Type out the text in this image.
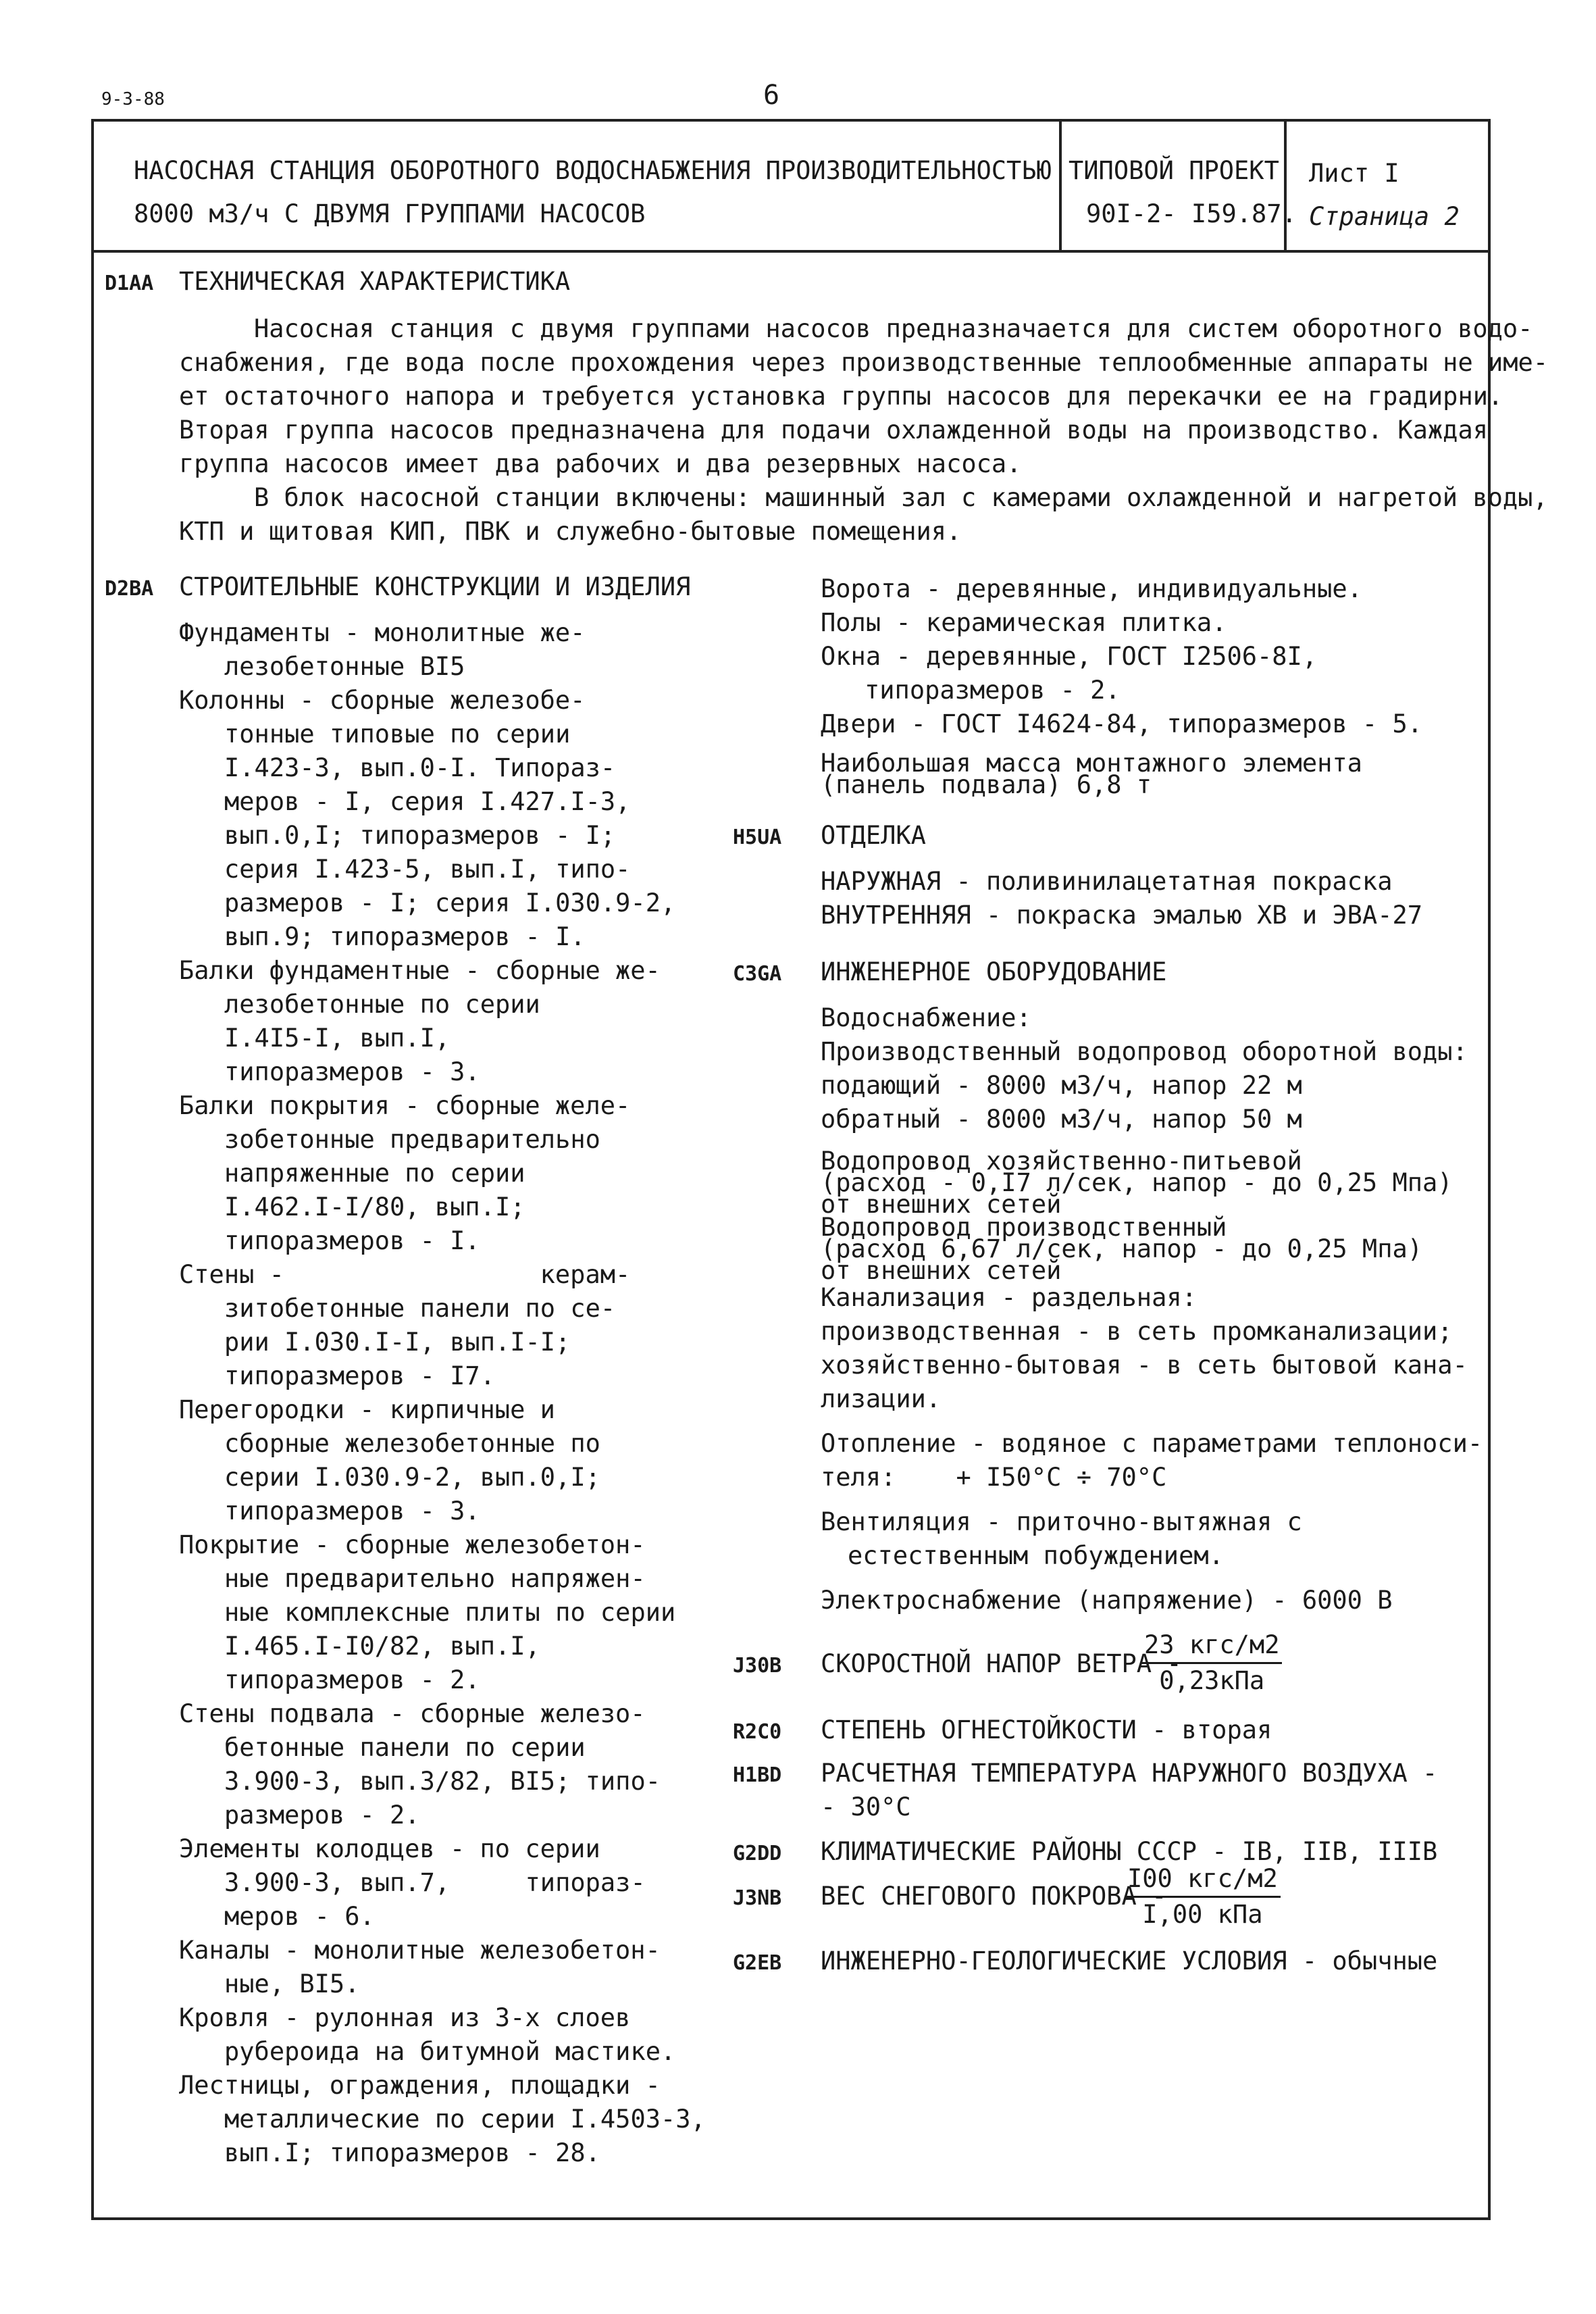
9-3-88	6
НАСОСНАЯ СТАНЦИЯ ОБОРОТНОГО ВОДОСНАБЖЕНИЯ ПРОИЗВОДИТЕЛЬНОСТЬЮ
8000 м3/ч С ДВУМЯ ГРУППАМИ НАСОСОВ
ТИПОВОЙ ПРОЕКТ
90I-2- I59.87.
Лист I
Страница 2
D1AA ТЕХНИЧЕСКАЯ ХАРАКТЕРИСТИКА
Насосная станция с двумя группами насосов предназначается для систем оборотного водо-
снабжения, где вода после прохождения через производственные теплообменные аппараты не име-
ет остаточного напора и требуется установка группы насосов для перекачки ее на градирни.
Вторая группа насосов предназначена для подачи охлажденной воды на производство. Каждая
группа насосов имеет два рабочих и два резервных насоса.
В блок насосной станции включены: машинный зал с камерами охлажденной и нагретой воды,
КТП и щитовая КИП, ПВК и служебно-бытовые помещения.
D2BA СТРОИТЕЛЬНЫЕ КОНСТРУКЦИИ И ИЗДЕЛИЯ
Фундаменты - монолитные же-
лезобетонные BI5
Колонны - сборные железобе-
тонные типовые по серии
I.423-3, вып.0-I. Типораз-
меров - I, серия I.427.I-3,
вып.0,I; типоразмеров - I;
серия I.423-5, вып.I, типо-
размеров - I; серия I.030.9-2,
вып.9; типоразмеров - I.
Балки фундаментные - сборные же-
лезобетонные по серии
I.4I5-I, вып.I,
типоразмеров - 3.
Балки покрытия - сборные желе-
зобетонные предварительно
напряженные по серии
I.462.I-I/80, вып.I;
типоразмеров - I.
Стены -                 керам-
зитобетонные панели по се-
рии I.030.I-I, вып.I-I;
типоразмеров - I7.
Перегородки - кирпичные и
сборные железобетонные по
серии I.030.9-2, вып.0,I;
типоразмеров - 3.
Покрытие - сборные железобетон-
ные предварительно напряжен-
ные комплексные плиты по серии
I.465.I-I0/82, вып.I,
типоразмеров - 2.
Стены подвала - сборные железо-
бетонные панели по серии
3.900-3, вып.3/82, BI5; типо-
размеров - 2.
Элементы колодцев - по серии
3.900-3, вып.7,     типораз-
меров - 6.
Каналы - монолитные железобетон-
ные, BI5.
Кровля - рулонная из 3-х слоев
рубероида на битумной мастике.
Лестницы, ограждения, площадки -
металлические по серии I.4503-3,
вып.I; типоразмеров - 28.
Ворота - деревянные, индивидуальные.
Полы - керамическая плитка.
Окна - деревянные, ГОСТ I2506-8I,
типоразмеров - 2.
Двери - ГОСТ I4624-84, типоразмеров - 5.
Наибольшая масса монтажного элемента
(панель подвала) 6,8 т
H5UA ОТДЕЛКА
НАРУЖНАЯ - поливинилацетатная покраска
ВНУТРЕННЯЯ - покраска эмалью ХВ и ЭВА-27
C3GA ИНЖЕНЕРНОЕ ОБОРУДОВАНИЕ
Водоснабжение:
Производственный водопровод оборотной воды:
подающий - 8000 м3/ч, напор 22 м
обратный - 8000 м3/ч, напор 50 м
Водопровод хозяйственно-питьевой
(расход - 0,I7 л/сек, напор - до 0,25 Мпа)
от внешних сетей
Водопровод производственный
(расход 6,67 л/сек, напор - до 0,25 Мпа)
от внешних сетей
Канализация - раздельная:
производственная - в сеть промканализации;
хозяйственно-бытовая - в сеть бытовой кана-
лизации.
Отопление - водяное с параметрами теплоноси-
теля:    + I50°С ÷ 70°С
Вентиляция - приточно-вытяжная с
естественным побуждением.
Электроснабжение (напряжение) - 6000 В
J30B СКОРОСТНОЙ НАПОР ВЕТРА -
23 кгс/м2
0,23кПа
R2C0 СТЕПЕНЬ ОГНЕСТОЙКОСТИ - вторая
H1BD РАСЧЕТНАЯ ТЕМПЕРАТУРА НАРУЖНОГО ВОЗДУХА -
- 30°С
G2DD КЛИМАТИЧЕСКИЕ РАЙОНЫ СССР - IB, IIB, IIIB
J3NB ВЕС СНЕГОВОГО ПОКРОВА -
I00 кгс/м2
I,00 кПа
G2EB ИНЖЕНЕРНО-ГЕОЛОГИЧЕСКИЕ УСЛОВИЯ - обычные
